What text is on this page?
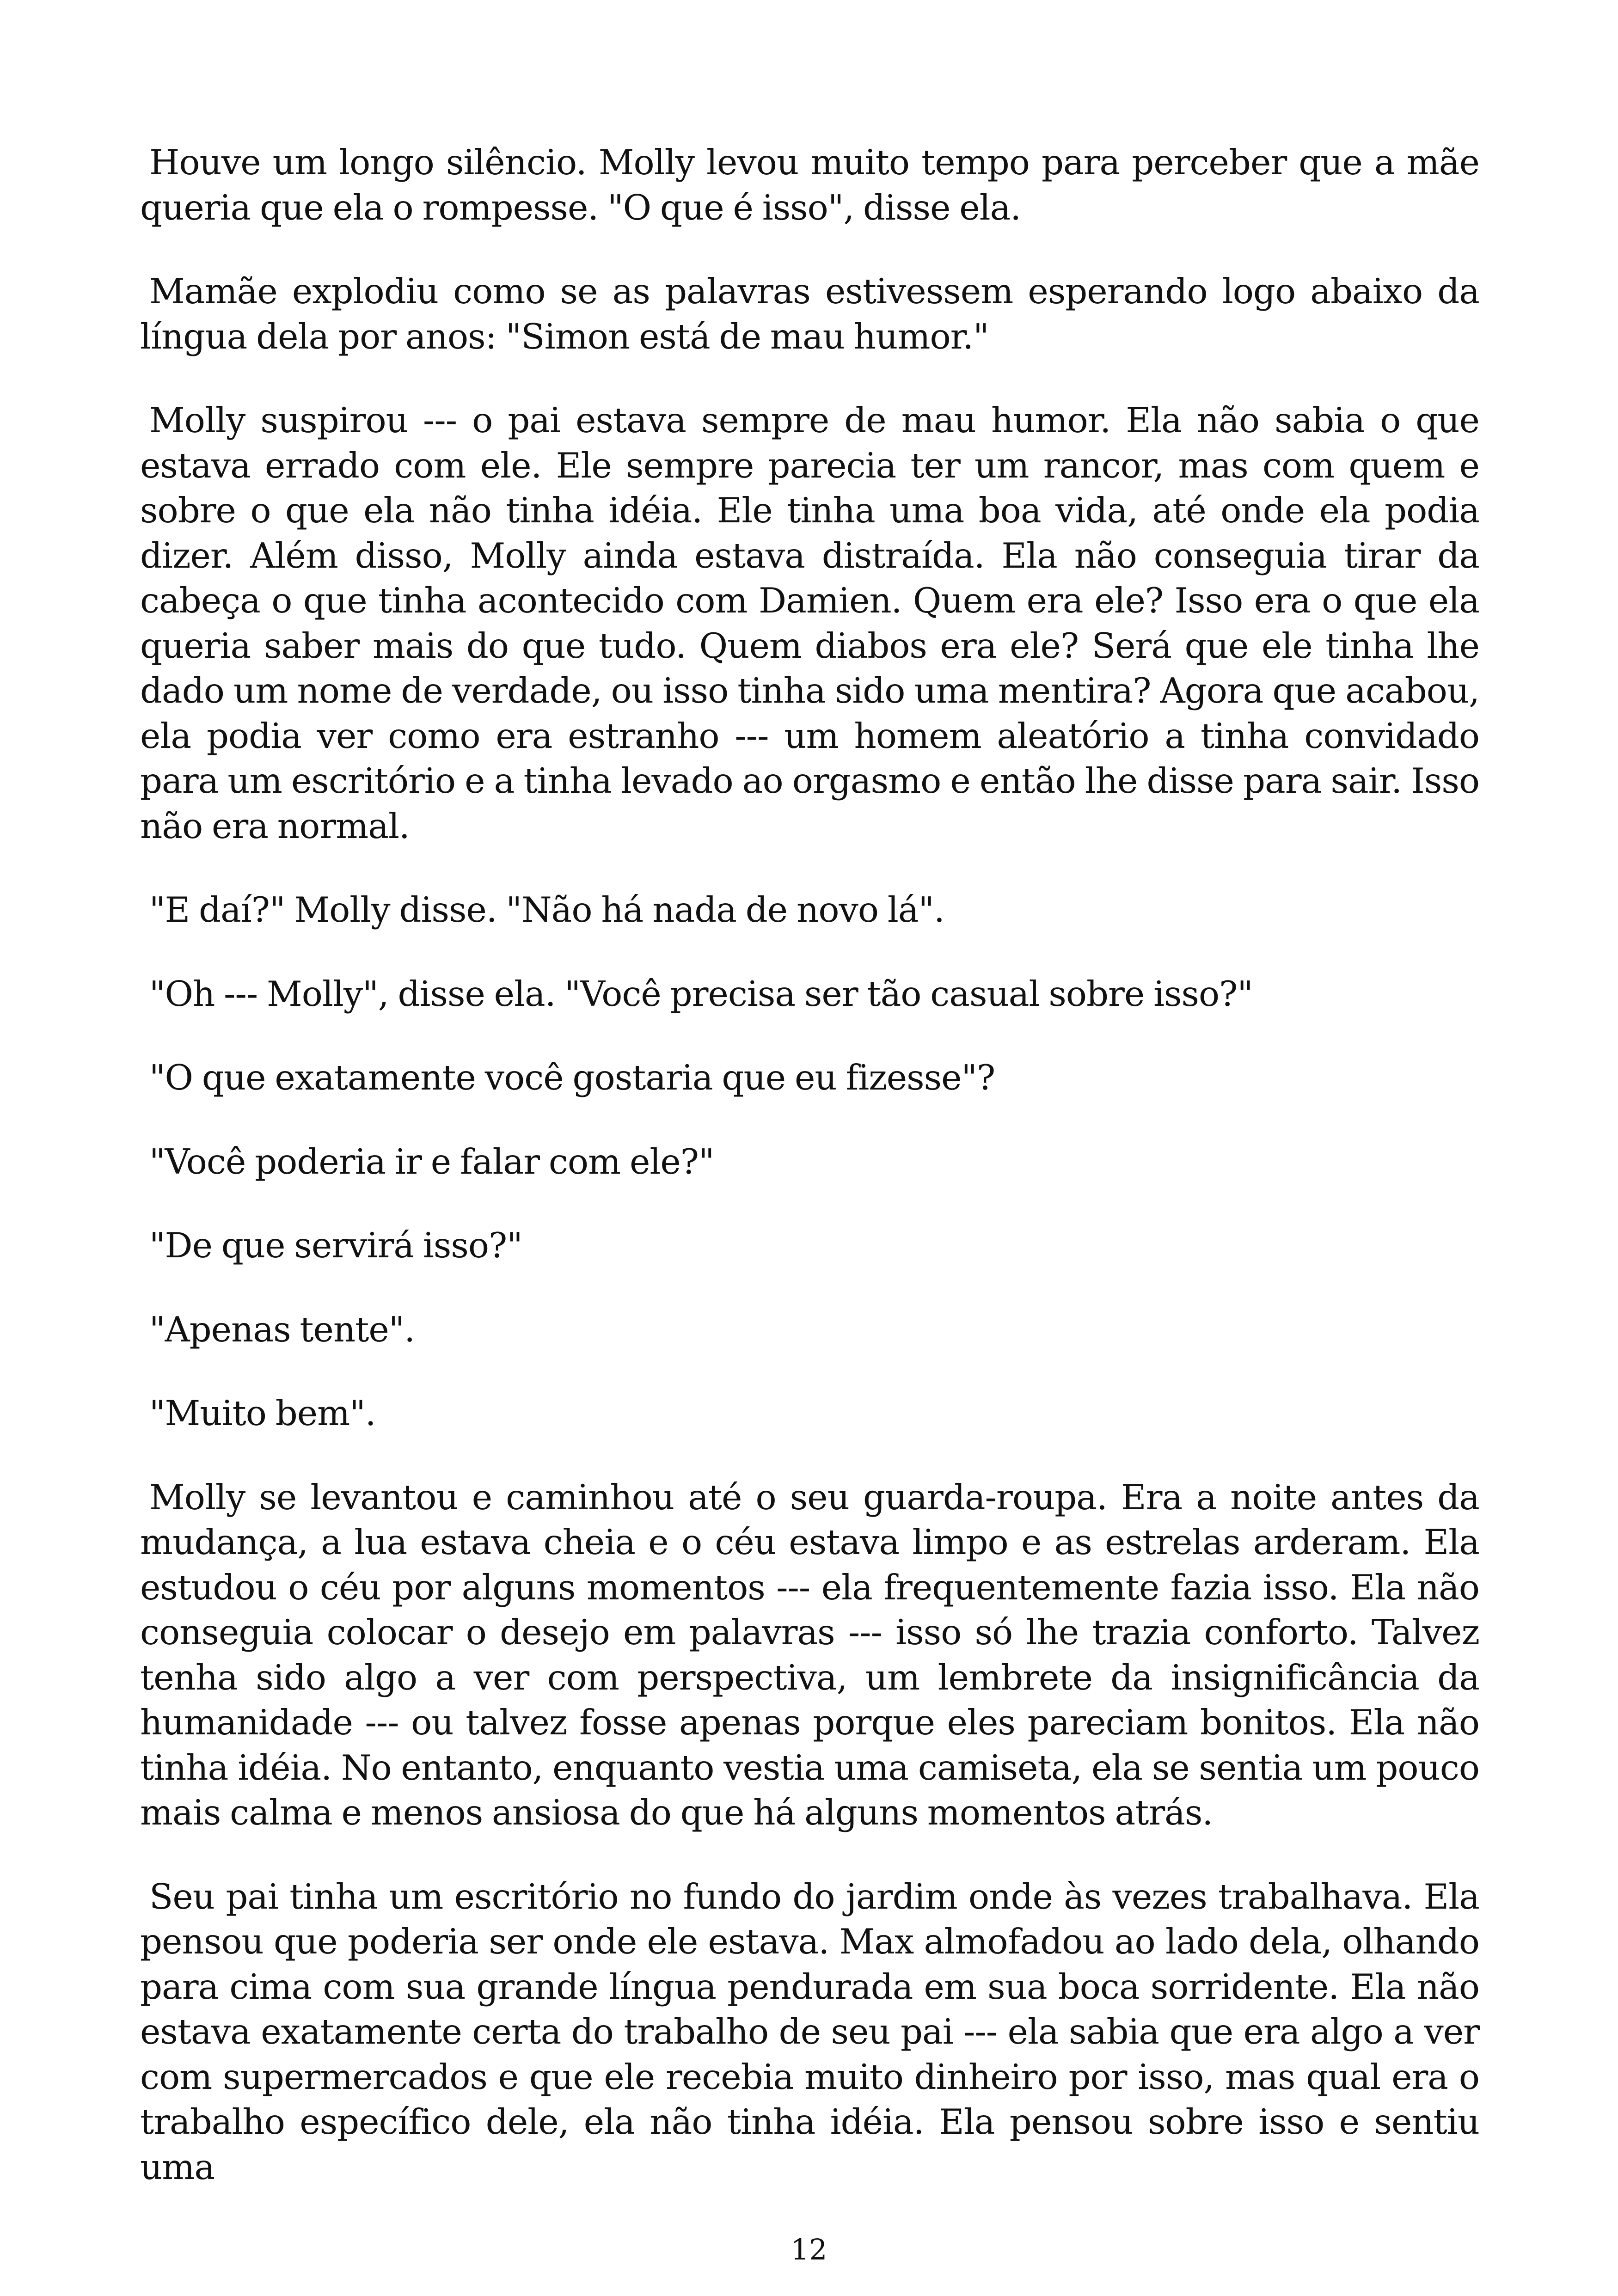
Houve um longo silêncio. Molly levou muito tempo para perceber que a mãe queria que ela o rompesse. "O que é isso", disse ela.

Mamãe explodiu como se as palavras estivessem esperando logo abaixo da língua dela por anos: "Simon está de mau humor."

Molly suspirou --- o pai estava sempre de mau humor. Ela não sabia o que estava errado com ele. Ele sempre parecia ter um rancor, mas com quem e sobre o que ela não tinha idéia. Ele tinha uma boa vida, até onde ela podia dizer. Além disso, Molly ainda estava distraída. Ela não conseguia tirar da cabeça o que tinha acontecido com Damien. Quem era ele? Isso era o que ela queria saber mais do que tudo. Quem diabos era ele? Será que ele tinha lhe dado um nome de verdade, ou isso tinha sido uma mentira? Agora que acabou, ela podia ver como era estranho --- um homem aleatório a tinha convidado para um escritório e a tinha levado ao orgasmo e então lhe disse para sair. Isso não era normal.

"E daí?" Molly disse. "Não há nada de novo lá".

"Oh --- Molly", disse ela. "Você precisa ser tão casual sobre isso?"

"O que exatamente você gostaria que eu fizesse"?

"Você poderia ir e falar com ele?"

"De que servirá isso?"

"Apenas tente".

"Muito bem".

Molly se levantou e caminhou até o seu guarda-roupa. Era a noite antes da mudança, a lua estava cheia e o céu estava limpo e as estrelas arderam. Ela estudou o céu por alguns momentos --- ela frequentemente fazia isso. Ela não conseguia colocar o desejo em palavras --- isso só lhe trazia conforto. Talvez tenha sido algo a ver com perspectiva, um lembrete da insignificância da humanidade --- ou talvez fosse apenas porque eles pareciam bonitos. Ela não tinha idéia. No entanto, enquanto vestia uma camiseta, ela se sentia um pouco mais calma e menos ansiosa do que há alguns momentos atrás.

Seu pai tinha um escritório no fundo do jardim onde às vezes trabalhava. Ela pensou que poderia ser onde ele estava. Max almofadou ao lado dela, olhando para cima com sua grande língua pendurada em sua boca sorridente. Ela não estava exatamente certa do trabalho de seu pai --- ela sabia que era algo a ver com supermercados e que ele recebia muito dinheiro por isso, mas qual era o trabalho específico dele, ela não tinha idéia. Ela pensou sobre isso e sentiu uma

12
